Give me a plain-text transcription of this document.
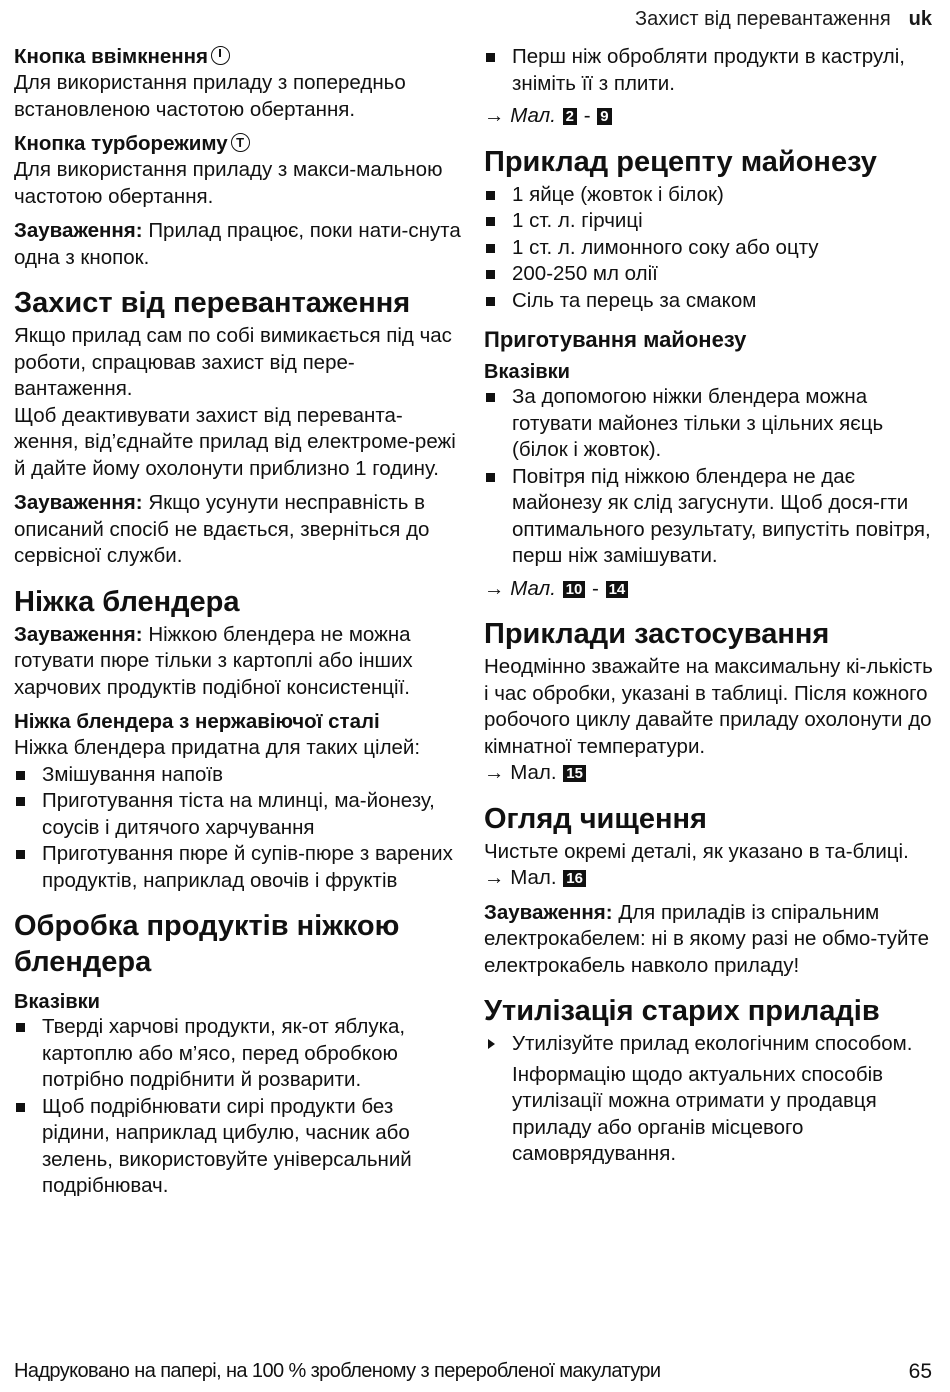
Захист від перевантаження uk
Кнопка ввімкнення

Для використання приладу з попередньо встановленою частотою обертання.

Кнопка турборежимуT

Для використання приладу з макси-мальною частотою обертання.

Зауваження: Прилад працює, поки нати-снута одна з кнопок.

Захист від перевантаження

Якщо прилад сам по собі вимикається під час роботи, спрацював захист від пере-вантаження.

Щоб деактивувати захист від переванта-ження, від’єднайте прилад від електроме-режі й дайте йому охолонути приблизно 1 годину.

Зауваження: Якщо усунути несправність в описаний спосіб не вдається, зверніться до сервісної служби.

Ніжка блендера

Зауваження: Ніжкою блендера не можна готувати пюре тільки з картоплі або інших харчових продуктів подібної консистенції.

Ніжка блендера з нержавіючої сталі

Ніжка блендера придатна для таких цілей:

Змішування напоїв
Приготування тіста на млинці, ма-йонезу, соусів і дитячого харчування
Приготування пюре й супів-пюре з варених продуктів, наприклад овочів і фруктів
Обробка продуктів ніжкою блендера
Вказівки
Тверді харчові продукти, як-от яблука, картоплю або м’ясо, перед обробкою потрібно подрібнити й розварити.
Щоб подрібнювати сирі продукти без рідини, наприклад цибулю, часник або зелень, використовуйте універсальний подрібнювач.
Перш ніж обробляти продукти в каструлі, зніміть її з плити.
→ Мал. 2 - 9
Приклад рецепту майонезу
1 яйце (жовток і білок)
1 ст. л. гірчиці
1 ст. л. лимонного соку або оцту
200-250 мл олії
Сіль та перець за смаком
Приготування майонезу
Вказівки
За допомогою ніжки блендера можна готувати майонез тільки з цільних яєць (білок і жовток).
Повітря під ніжкою блендера не дає майонезу як слід загуснути. Щоб дося-гти оптимального результату, випустіть повітря, перш ніж замішувати.
→ Мал. 10 - 14
Приклади застосування

Неодмінно зважайте на максимальну кі-лькість і час обробки, указані в таблиці. Після кожного робочого циклу давайте приладу охолонути до кімнатної температури.

→ Мал. 15
Огляд чищення

Чистьте окремі деталі, як указано в та-блиці.

→ Мал. 16

Зауваження: Для приладів із спіральним електрокабелем: ні в якому разі не обмо-туйте електрокабель навколо приладу!

Утилізація старих приладів
Утилізуйте прилад екологічним способом.

Інформацію щодо актуальних способів утилізації можна отримати у продавця приладу або органів місцевого самоврядування.

Надруковано на папері, на 100 % зробленому з переробленої макулатури	65
